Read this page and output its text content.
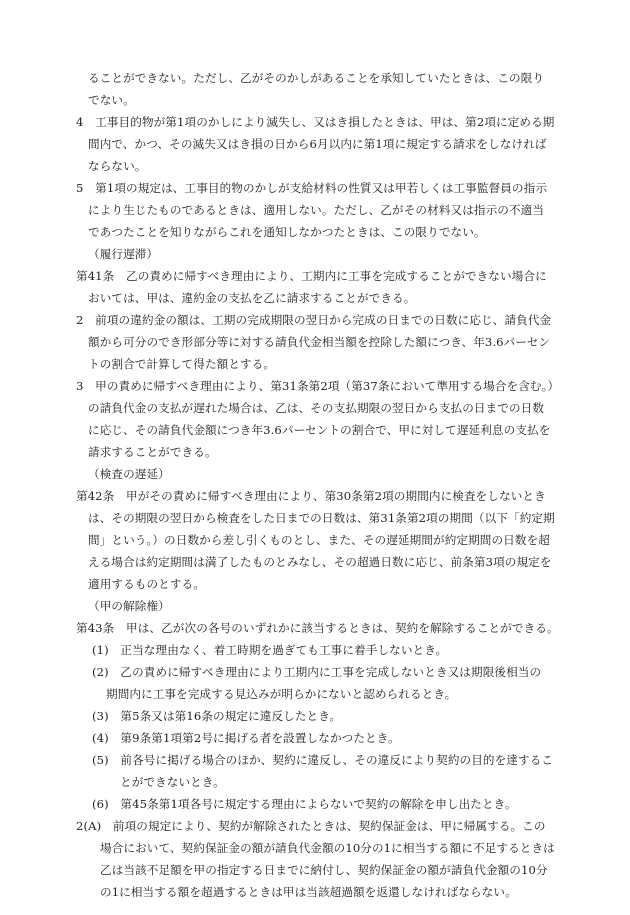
ることができない。ただし、乙がそのかしがあることを承知していたときは、この限り
でない。
4　工事目的物が第1項のかしにより滅失し、又はき損したときは、甲は、第2項に定める期
間内で、かつ、その滅失又はき損の日から6月以内に第1項に規定する請求をしなければ
ならない。
5　第1項の規定は、工事目的物のかしが支給材料の性質又は甲若しくは工事監督員の指示
により生じたものであるときは、適用しない。ただし、乙がその材料又は指示の不適当
であつたことを知りながらこれを通知しなかつたときは、この限りでない。
（履行遅滞）
第41条　乙の責めに帰すべき理由により、工期内に工事を完成することができない場合に
おいては、甲は、違約金の支払を乙に請求することができる。
2　前項の違約金の額は、工期の完成期限の翌日から完成の日までの日数に応じ、請負代金
額から可分のでき形部分等に対する請負代金相当額を控除した額につき、年3.6パーセン
トの割合で計算して得た額とする。
3　甲の責めに帰すべき理由により、第31条第2項（第37条において準用する場合を含む。）
の請負代金の支払が遅れた場合は、乙は、その支払期限の翌日から支払の日までの日数
に応じ、その請負代金額につき年3.6パーセントの割合で、甲に対して遅延利息の支払を
請求することができる。
（検査の遅延）
第42条　甲がその責めに帰すべき理由により、第30条第2項の期間内に検査をしないとき
は、その期限の翌日から検査をした日までの日数は、第31条第2項の期間（以下「約定期
間」という。）の日数から差し引くものとし、また、その遅延期間が約定期間の日数を超
える場合は約定期間は満了したものとみなし、その超過日数に応じ、前条第3項の規定を
適用するものとする。
（甲の解除権）
第43条　甲は、乙が次の各号のいずれかに該当するときは、契約を解除することができる。
(1)　正当な理由なく、着工時期を過ぎても工事に着手しないとき。
(2)　乙の責めに帰すべき理由により工期内に工事を完成しないとき又は期限後相当の
期間内に工事を完成する見込みが明らかにないと認められるとき。
(3)　第5条又は第16条の規定に違反したとき。
(4)　第9条第1項第2号に掲げる者を設置しなかつたとき。
(5)　前各号に掲げる場合のほか、契約に違反し、その違反により契約の目的を達するこ
とができないとき。
(6)　第45条第1項各号に規定する理由によらないで契約の解除を申し出たとき。
2(A)　前項の規定により、契約が解除されたときは、契約保証金は、甲に帰属する。この
場合において、契約保証金の額が請負代金額の10分の1に相当する額に不足するときは
乙は当該不足額を甲の指定する日までに納付し、契約保証金の額が請負代金額の10分
の1に相当する額を超過するときは甲は当該超過額を返還しなければならない。
